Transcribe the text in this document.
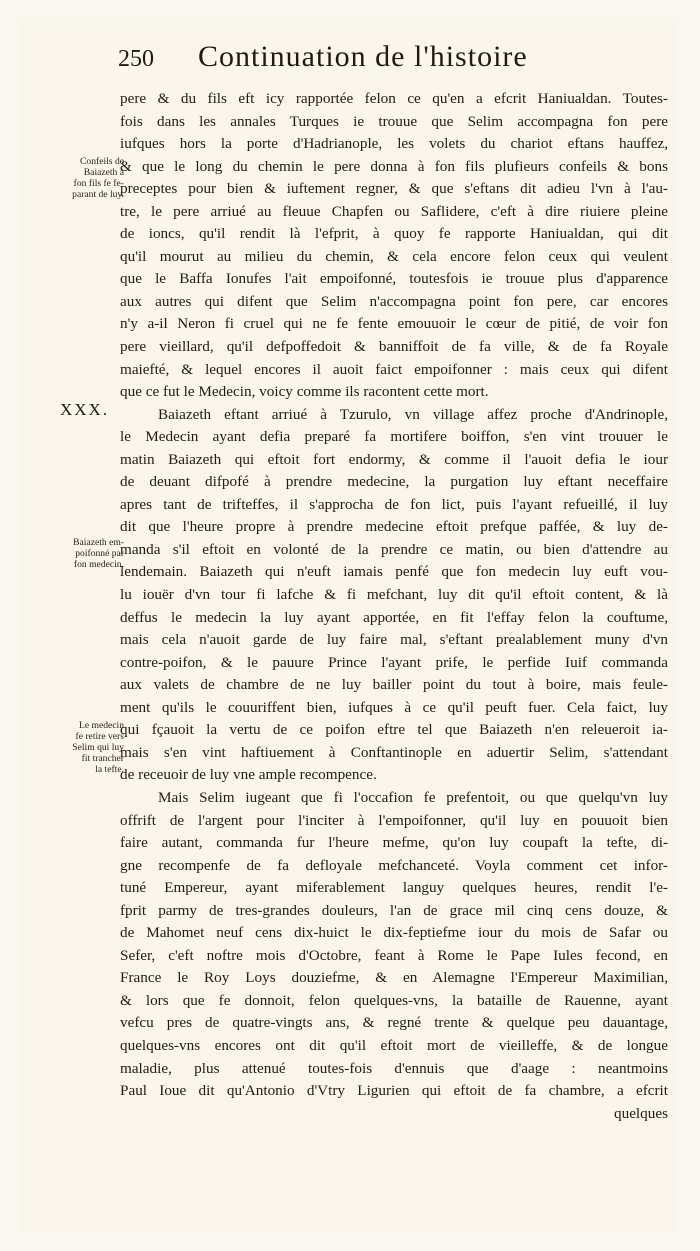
250	Continuation de l'histoire
Confeils de
Baiazeth à
fon fils fe fe-
parant de luy.
XXX.
Baiazeth em-
poifonné par
fon medecin.
Le medecin
fe retire vers
Selim qui luy
fit trancher
la tefte.
pere & du fils eft icy rapportée felon ce qu'en a efcrit Haniualdan. Toutes-
fois dans les annales Turques ie trouue que Selim accompagna fon pere
iufques hors la porte d'Hadrianople, les volets du chariot eftans hauffez,
& que le long du chemin le pere donna à fon fils plufieurs confeils & bons
preceptes pour bien & iuftement regner, & que s'eftans dit adieu l'vn à l'au-
tre, le pere arriué au fleuue Chapfen ou Saflidere, c'eft à dire riuiere pleine
de ioncs, qu'il rendit là l'efprit, à quoy fe rapporte Haniualdan, qui dit
qu'il mourut au milieu du chemin, & cela encore felon ceux qui veulent
que le Baffa Ionufes l'ait empoifonné, toutesfois ie trouue plus d'apparence
aux autres qui difent que Selim n'accompagna point fon pere, car encores
n'y a-il Neron fi cruel qui ne fe fente emouuoir le cœur de pitié, de voir fon
pere vieillard, qu'il defpoffedoit & banniffoit de fa ville, & de fa Royale
maiefté, & lequel encores il auoit faict empoifonner : mais ceux qui difent
que ce fut le Medecin, voicy comme ils racontent cette mort.
Baiazeth eftant arriué à Tzurulo, vn village affez proche d'Andrinople,
le Medecin ayant defia preparé fa mortifere boiffon, s'en vint trouuer le
matin Baiazeth qui eftoit fort endormy, & comme il l'auoit defia le iour
de deuant difpofé à prendre medecine, la purgation luy eftant neceffaire
apres tant de trifteffes, il s'approcha de fon lict, puis l'ayant refueillé, il luy
dit que l'heure propre à prendre medecine eftoit prefque paffée, & luy de-
manda s'il eftoit en volonté de la prendre ce matin, ou bien d'attendre au
lendemain. Baiazeth qui n'euft iamais penfé que fon medecin luy euft vou-
lu iouër d'vn tour fi lafche & fi mefchant, luy dit qu'il eftoit content, & là
deffus le medecin la luy ayant apportée, en fit l'effay felon la couftume,
mais cela n'auoit garde de luy faire mal, s'eftant prealablement muny d'vn
contre-poifon, & le pauure Prince l'ayant prife, le perfide Iuif commanda
aux valets de chambre de ne luy bailler point du tout à boire, mais feule-
ment qu'ils le couuriffent bien, iufques à ce qu'il peuft fuer. Cela faict, luy
qui fçauoit la vertu de ce poifon eftre tel que Baiazeth n'en releueroit ia-
mais s'en vint haftiuement à Conftantinople en aduertir Selim, s'attendant
de receuoir de luy vne ample recompence.
Mais Selim iugeant que fi l'occafion fe prefentoit, ou que quelqu'vn luy
offrift de l'argent pour l'inciter à l'empoifonner, qu'il luy en pouuoit bien
faire autant, commanda fur l'heure mefme, qu'on luy coupaft la tefte, di-
gne recompenfe de fa defloyale mefchanceté. Voyla comment cet infor-
tuné Empereur, ayant miferablement languy quelques heures, rendit l'e-
fprit parmy de tres-grandes douleurs, l'an de grace mil cinq cens douze, &
de Mahomet neuf cens dix-huict le dix-feptiefme iour du mois de Safar ou
Sefer, c'eft noftre mois d'Octobre, feant à Rome le Pape Iules fecond, en
France le Roy Loys douziefme, & en Alemagne l'Empereur Maximilian,
& lors que fe donnoit, felon quelques-vns, la bataille de Rauenne, ayant
vefcu pres de quatre-vingts ans, & regné trente & quelque peu dauantage,
quelques-vns encores ont dit qu'il eftoit mort de vieilleffe, & de longue
maladie, plus attenué toutes-fois d'ennuis que d'aage : neantmoins
Paul Ioue dit qu'Antonio d'Vtry Ligurien qui eftoit de fa chambre, a efcrit
quelques
